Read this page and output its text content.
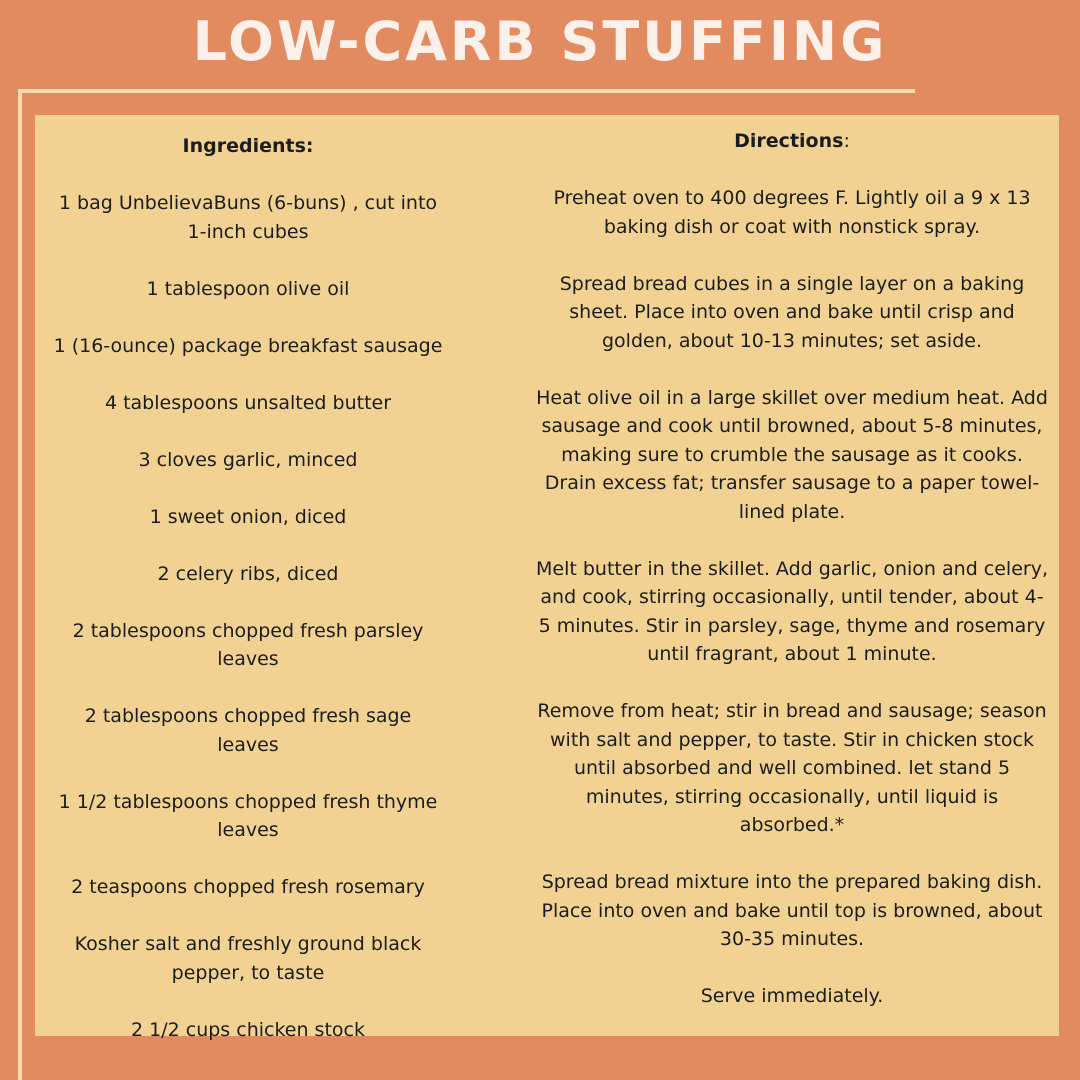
LOW-CARB STUFFING

Ingredients:

1 bag UnbelievaBuns (6-buns) , cut into 1-inch cubes

1 tablespoon olive oil

1 (16-ounce) package breakfast sausage

4 tablespoons unsalted butter

3 cloves garlic, minced

1 sweet onion, diced

2 celery ribs, diced

2 tablespoons chopped fresh parsley leaves

2 tablespoons chopped fresh sage leaves

1 1/2 tablespoons chopped fresh thyme leaves

2 teaspoons chopped fresh rosemary

Kosher salt and freshly ground black pepper, to taste

2 1/2 cups chicken stock

Directions:

Preheat oven to 400 degrees F. Lightly oil a 9 x 13 baking dish or coat with nonstick spray.

Spread bread cubes in a single layer on a baking sheet. Place into oven and bake until crisp and golden, about 10-13 minutes; set aside.

Heat olive oil in a large skillet over medium heat. Add sausage and cook until browned, about 5-8 minutes, making sure to crumble the sausage as it cooks. Drain excess fat; transfer sausage to a paper towel-lined plate.

Melt butter in the skillet. Add garlic, onion and celery, and cook, stirring occasionally, until tender, about 4-5 minutes. Stir in parsley, sage, thyme and rosemary until fragrant, about 1 minute.

Remove from heat; stir in bread and sausage; season with salt and pepper, to taste. Stir in chicken stock until absorbed and well combined. let stand 5 minutes, stirring occasionally, until liquid is absorbed.*

Spread bread mixture into the prepared baking dish. Place into oven and bake until top is browned, about 30-35 minutes.

Serve immediately.
